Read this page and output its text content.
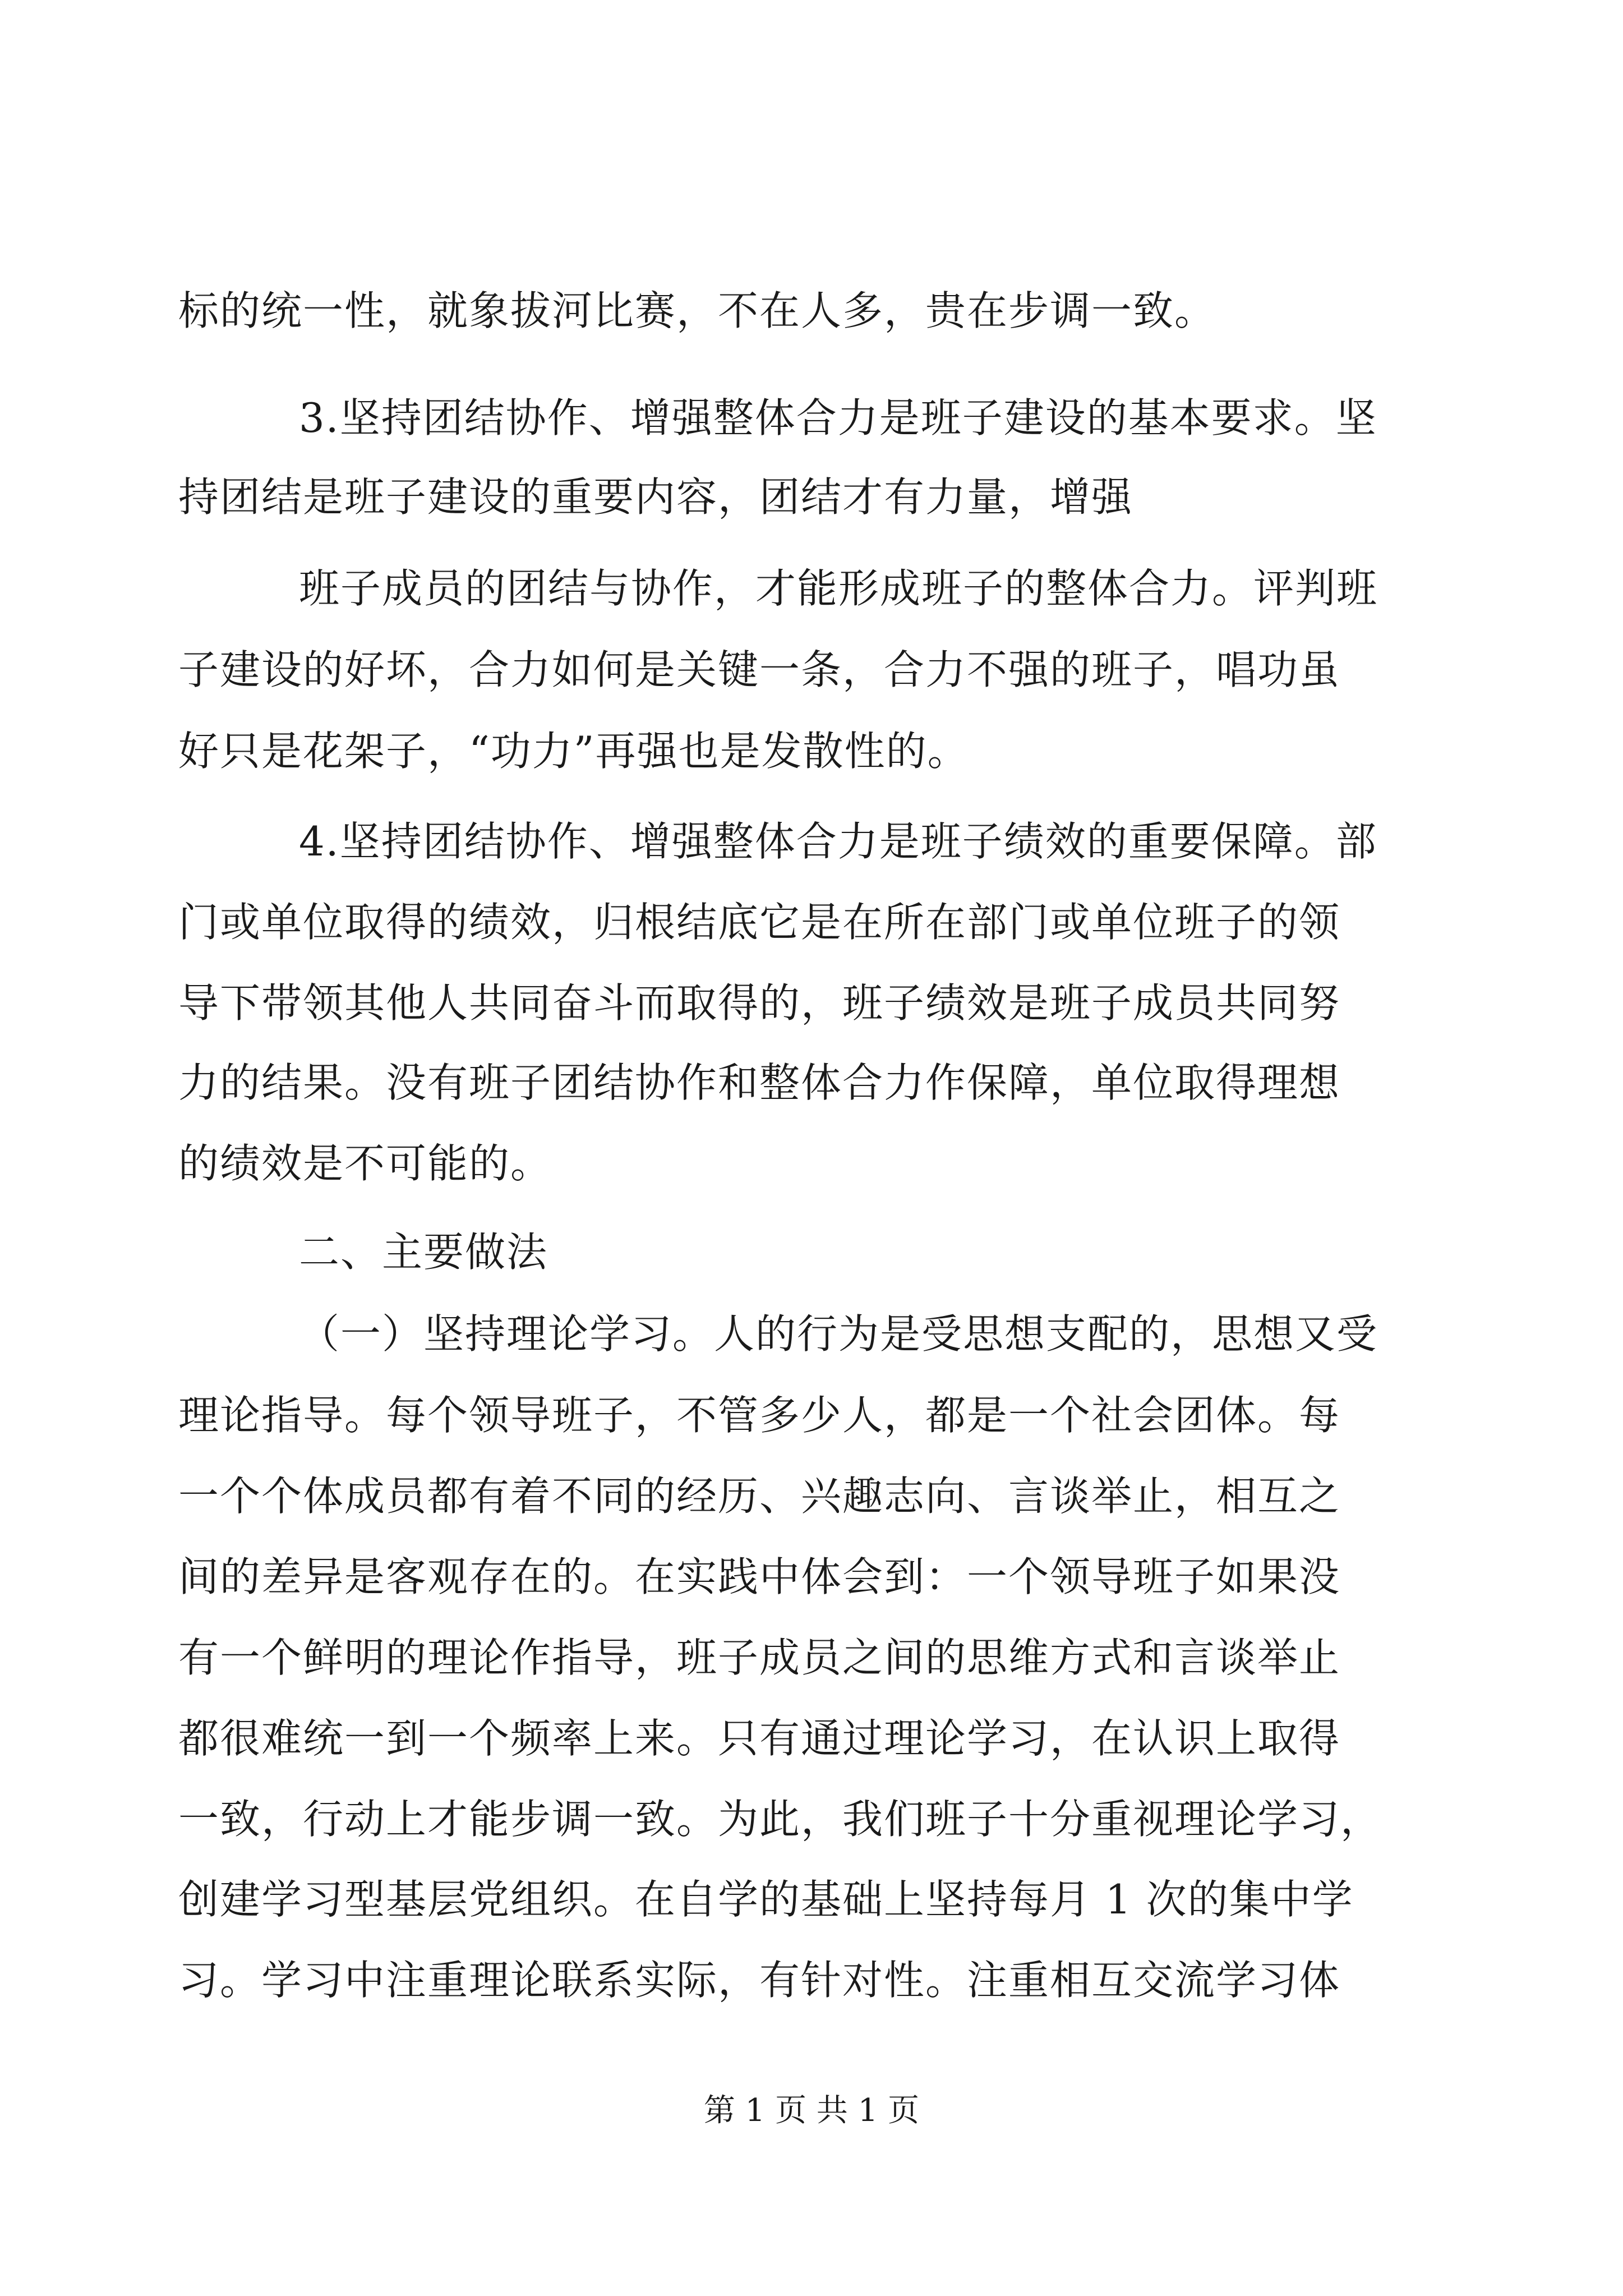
标的统一性，就象拔河比赛，不在人多，贵在步调一致。
3.坚持团结协作、增强整体合力是班子建设的基本要求。坚
持团结是班子建设的重要内容，团结才有力量，增强
班子成员的团结与协作，才能形成班子的整体合力。评判班
子建设的好坏，合力如何是关键一条，合力不强的班子，唱功虽
好只是花架子，“功力”再强也是发散性的。
4.坚持团结协作、增强整体合力是班子绩效的重要保障。部
门或单位取得的绩效，归根结底它是在所在部门或单位班子的领
导下带领其他人共同奋斗而取得的，班子绩效是班子成员共同努
力的结果。没有班子团结协作和整体合力作保障，单位取得理想
的绩效是不可能的。
二、主要做法
（一）坚持理论学习。人的行为是受思想支配的，思想又受
理论指导。每个领导班子，不管多少人，都是一个社会团体。每
一个个体成员都有着不同的经历、兴趣志向、言谈举止，相互之
间的差异是客观存在的。在实践中体会到：一个领导班子如果没
有一个鲜明的理论作指导，班子成员之间的思维方式和言谈举止
都很难统一到一个频率上来。只有通过理论学习，在认识上取得
一致，行动上才能步调一致。为此，我们班子十分重视理论学习，
创建学习型基层党组织。在自学的基础上坚持每月 1 次的集中学
习。学习中注重理论联系实际，有针对性。注重相互交流学习体
第 1 页 共 1 页
